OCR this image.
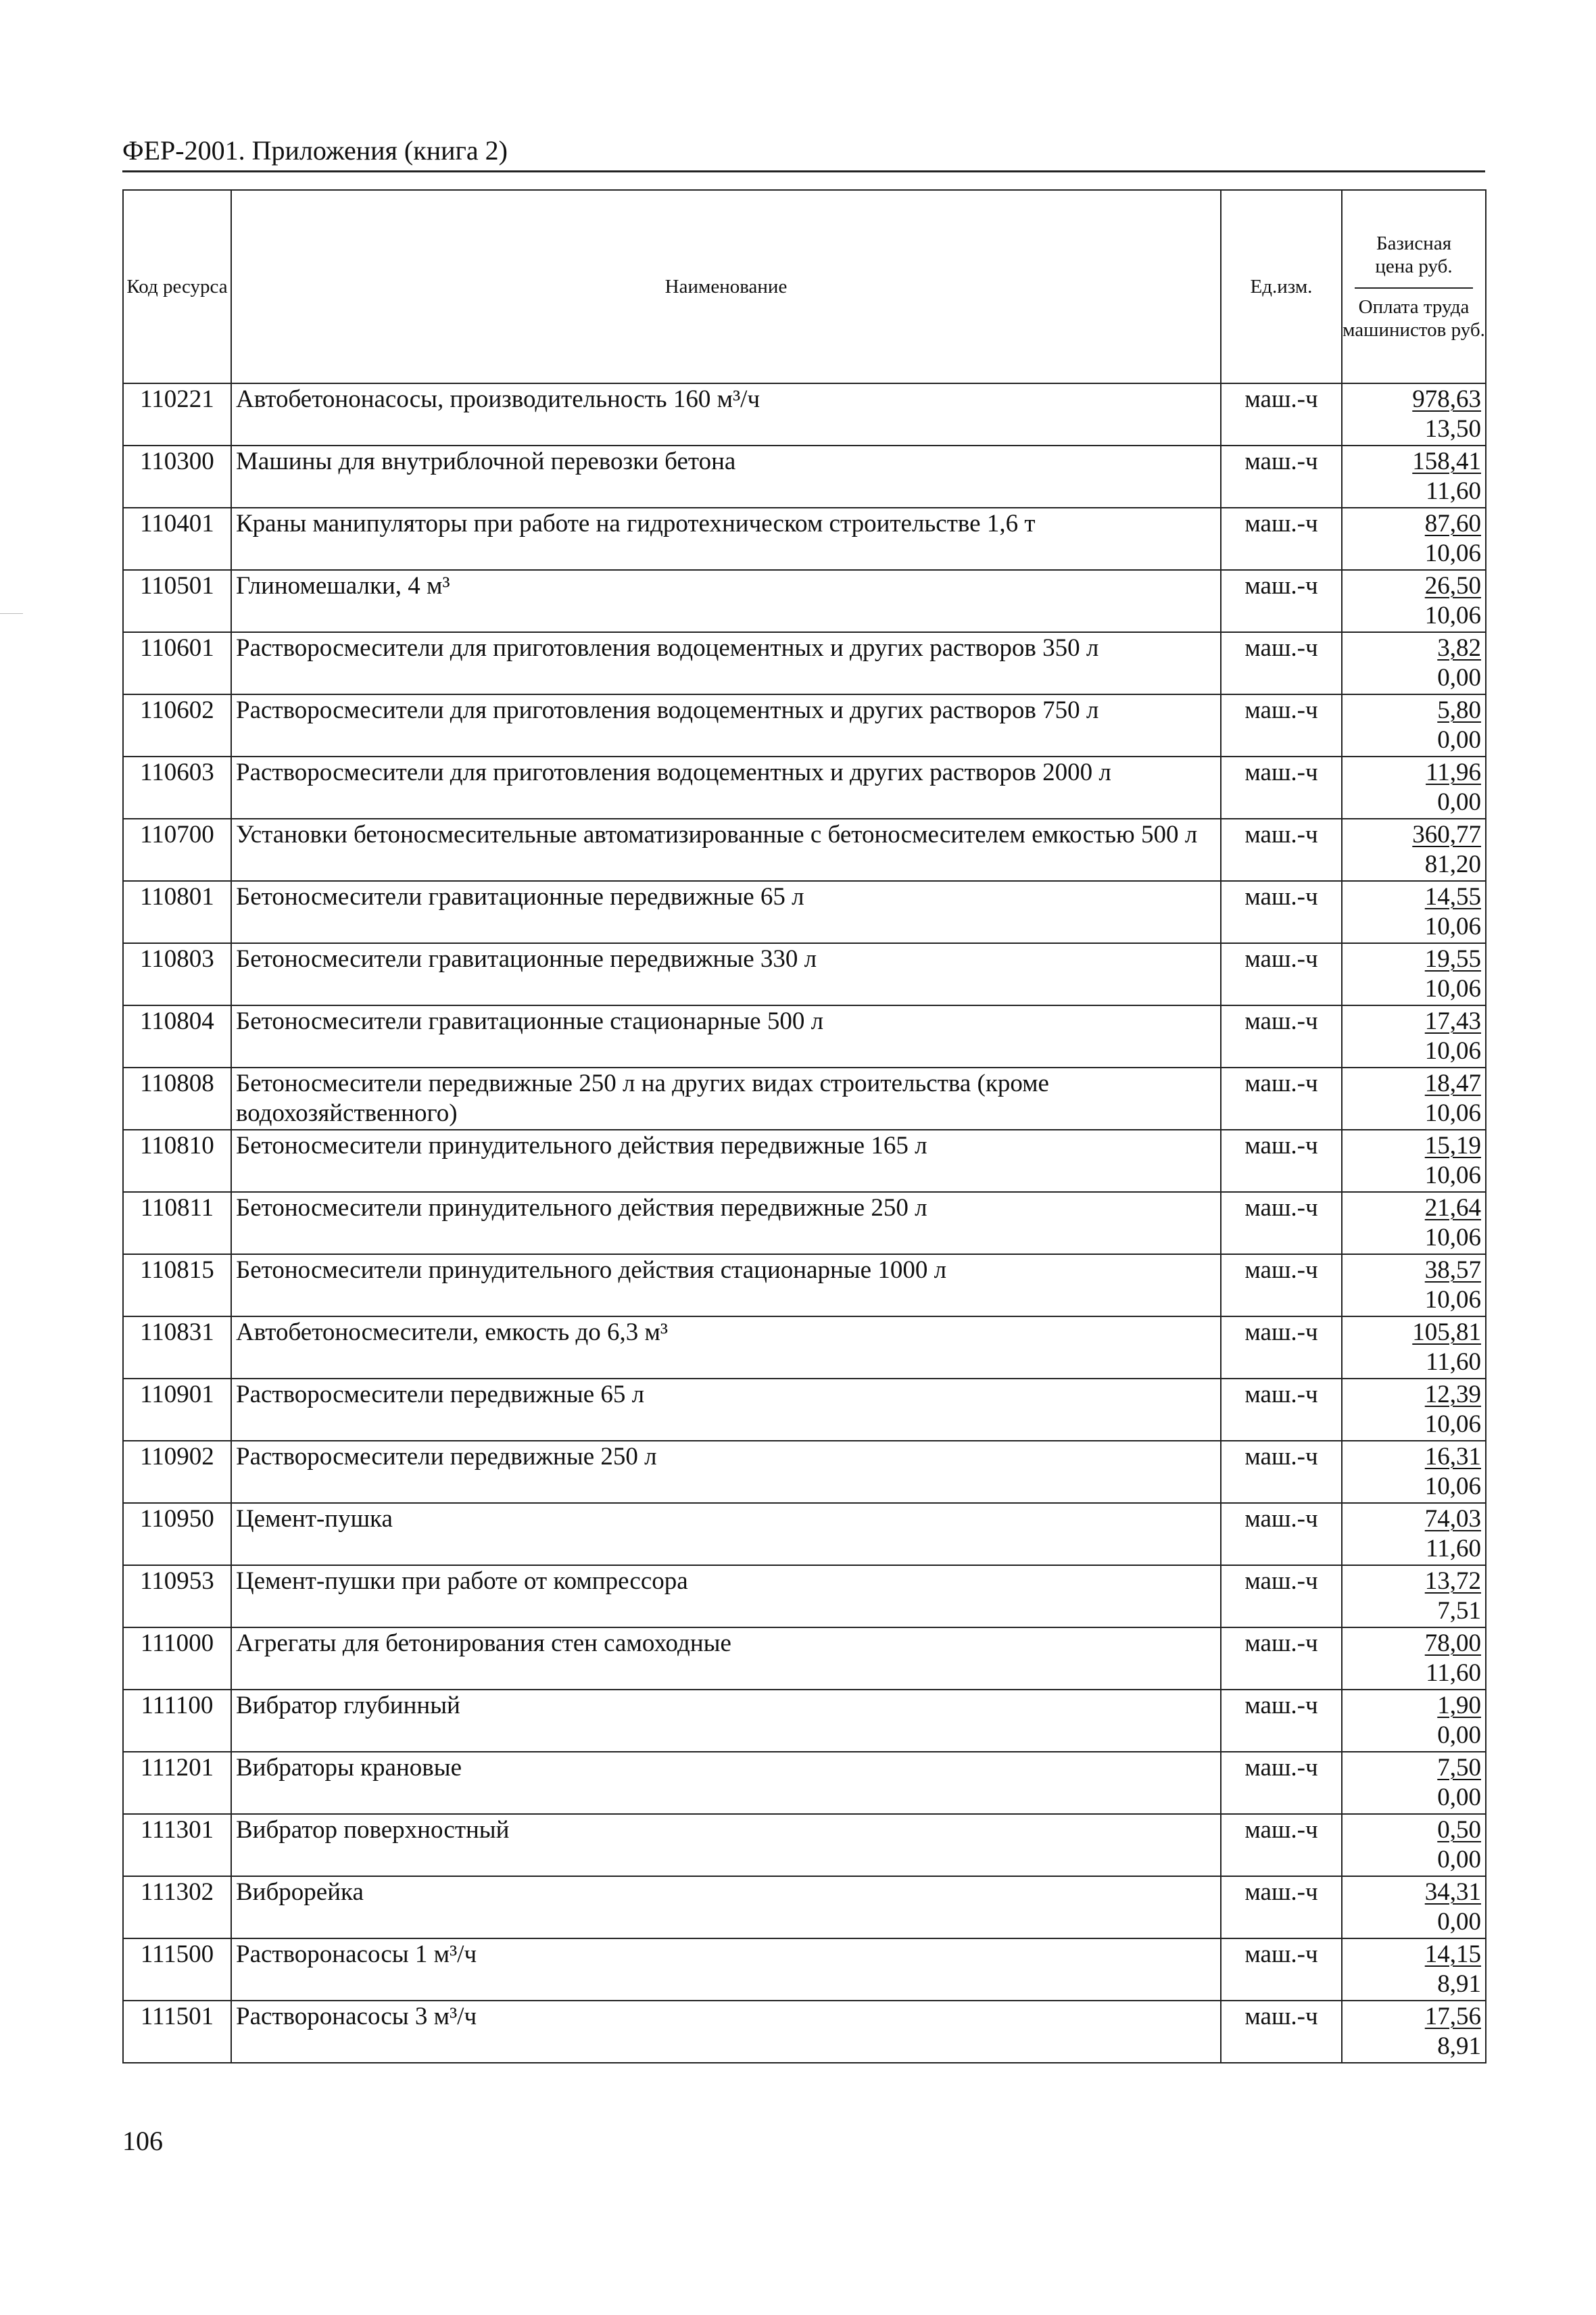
ФЕР-2001. Приложения (книга 2)
Код ресурса	Наименование	Ед.изм.	Базисная цена руб.
Оплата труда машинистов руб.
110221	Автобетононасосы, производительность 160 м³/ч	маш.-ч	978,63
13,50

110300	Машины для внутриблочной перевозки бетона	маш.-ч	158,41
11,60

110401	Краны манипуляторы при работе на гидротехническом строительстве 1,6 т	маш.-ч	87,60
10,06

110501	Глиномешалки, 4 м³	маш.-ч	26,50
10,06

110601	Растворосмесители для приготовления водоцементных и других растворов 350 л	маш.-ч	3,82
0,00

110602	Растворосмесители для приготовления водоцементных и других растворов 750 л	маш.-ч	5,80
0,00

110603	Растворосмесители для приготовления водоцементных и других растворов 2000 л	маш.-ч	11,96
0,00

110700	Установки бетоносмесительные автоматизированные с бетоносмесителем емкостью 500 л	маш.-ч	360,77
81,20

110801	Бетоносмесители гравитационные передвижные 65 л	маш.-ч	14,55
10,06

110803	Бетоносмесители гравитационные передвижные 330 л	маш.-ч	19,55
10,06

110804	Бетоносмесители гравитационные стационарные 500 л	маш.-ч	17,43
10,06

110808	Бетоносмесители передвижные 250 л на других видах строительства (кроме водохозяйственного)	маш.-ч	18,47
10,06

110810	Бетоносмесители принудительного действия передвижные 165 л	маш.-ч	15,19
10,06

110811	Бетоносмесители принудительного действия передвижные 250 л	маш.-ч	21,64
10,06

110815	Бетоносмесители принудительного действия стационарные 1000 л	маш.-ч	38,57
10,06

110831	Автобетоносмесители, емкость до 6,3 м³	маш.-ч	105,81
11,60

110901	Растворосмесители передвижные 65 л	маш.-ч	12,39
10,06

110902	Растворосмесители передвижные 250 л	маш.-ч	16,31
10,06

110950	Цемент-пушка	маш.-ч	74,03
11,60

110953	Цемент-пушки при работе от компрессора	маш.-ч	13,72
7,51

111000	Агрегаты для бетонирования стен самоходные	маш.-ч	78,00
11,60

111100	Вибратор глубинный	маш.-ч	1,90
0,00

111201	Вибраторы крановые	маш.-ч	7,50
0,00

111301	Вибратор поверхностный	маш.-ч	0,50
0,00

111302	Виброрейка	маш.-ч	34,31
0,00

111500	Растворонасосы 1 м³/ч	маш.-ч	14,15
8,91

111501	Растворонасосы 3 м³/ч	маш.-ч	17,56
8,91
106
